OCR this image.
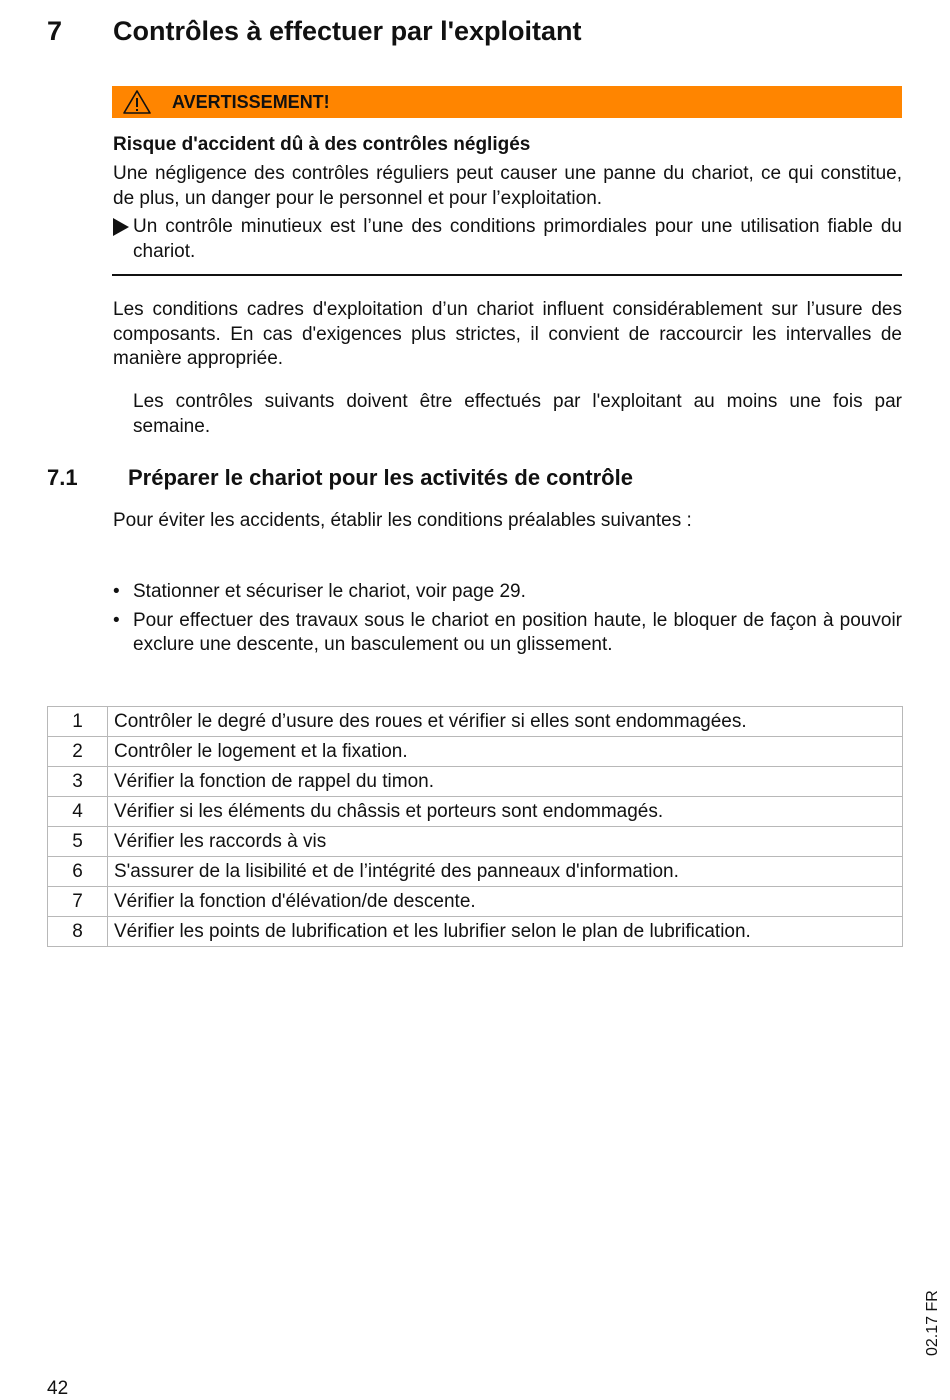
7 Contrôles à effectuer par l'exploitant
AVERTISSEMENT!
Risque d'accident dû à des contrôles négligés
Une négligence des contrôles réguliers peut causer une panne du chariot, ce qui constitue, de plus, un danger pour le personnel et pour l’exploitation.
Un contrôle minutieux est l’une des conditions primordiales pour une utilisation fiable du chariot.
Les conditions cadres d'exploitation d’un chariot influent considérablement sur l’usure des composants. En cas d'exigences plus strictes, il convient de raccourcir les intervalles de manière appropriée.
Les contrôles suivants doivent être effectués par l'exploitant au moins une fois par semaine.
7.1 Préparer le chariot pour les activités de contrôle
Pour éviter les accidents, établir les conditions préalables suivantes :
• Stationner et sécuriser le chariot, voir page 29.
• Pour effectuer des travaux sous le chariot en position haute, le bloquer de façon à pouvoir exclure une descente, un basculement ou un glissement.
1	Contrôler le degré d’usure des roues et vérifier si elles sont endommagées.
2	Contrôler le logement et la fixation.
3	Vérifier la fonction de rappel du timon.
4	Vérifier si les éléments du châssis et porteurs sont endommagés.
5	Vérifier les raccords à vis
6	S'assurer de la lisibilité et de l’intégrité des panneaux d'information.
7	Vérifier la fonction d'élévation/de descente.
8	Vérifier les points de lubrification et les lubrifier selon le plan de lubrification.
02.17 FR
42
